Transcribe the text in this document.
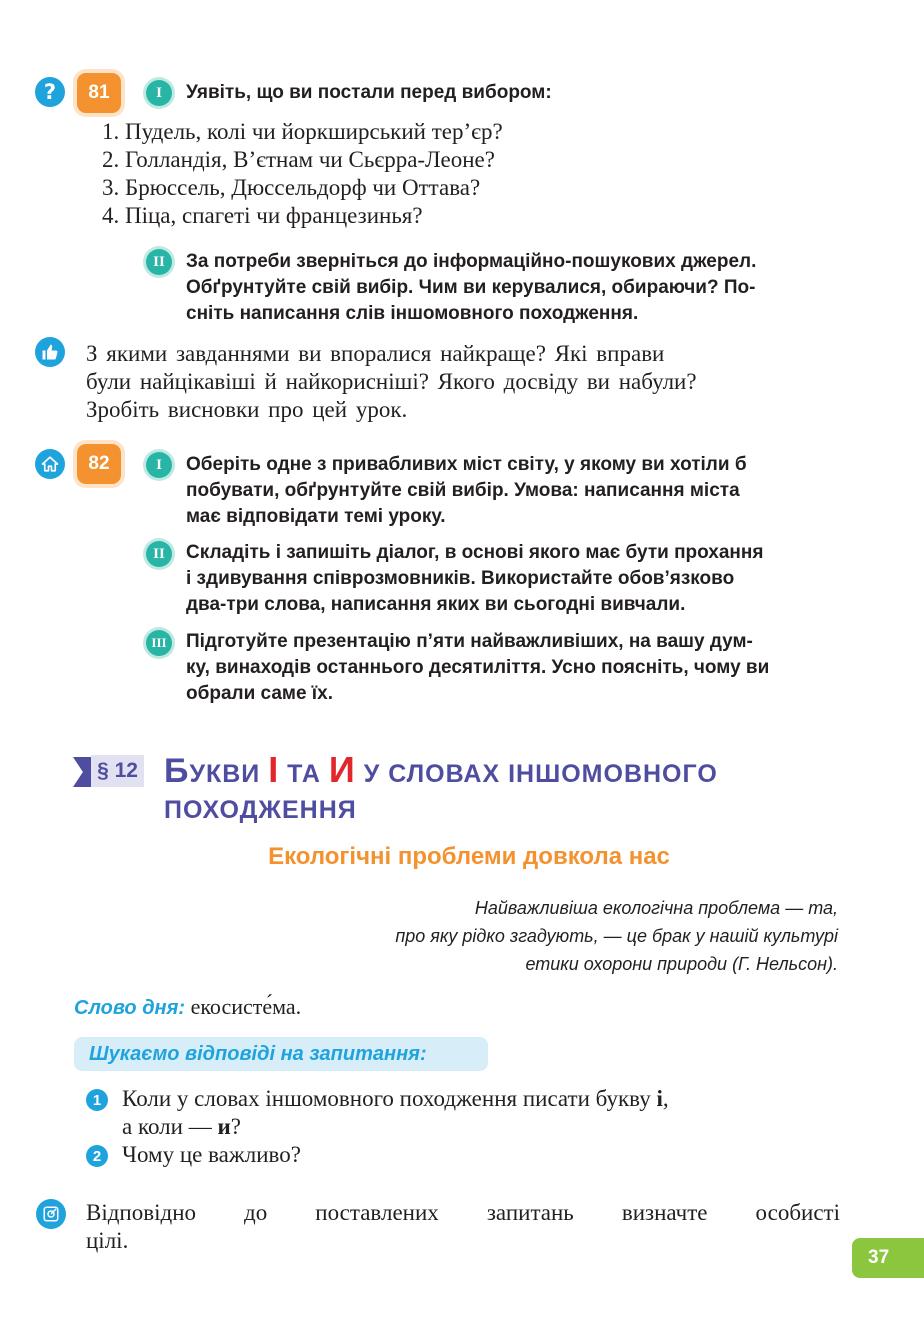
?	81	I	Уявіть, що ви постали перед вибором:
1. Пудель, колі чи йоркширський тер’єр?
2. Голландія, В’єтнам чи Сьєрра-Леоне?
3. Брюссель, Дюссельдорф чи Оттава?
4. Піца, спагеті чи францезинья?
II	За потреби зверніться до інформаційно-пошукових джерел.
Обґрунтуйте свій вибір. Чим ви керувалися, обираючи? По-
сніть написання слів іншомовного походження.
З якими завданнями ви впоралися найкраще? Які вправи
були найцікавіші й найкорисніші? Якого досвіду ви набули?
Зробіть висновки про цей урок.
82	I	Оберіть одне з привабливих міст світу, у якому ви хотіли б
побувати, обґрунтуйте свій вибір. Умова: написання міста
має відповідати темі уроку.
II	Складіть і запишіть діалог, в основі якого має бути прохання
і здивування співрозмовників. Використайте обов’язково
два-три слова, написання яких ви сьогодні вивчали.
III Підготуйте презентацію п’яти найважливіших, на вашу дум-
ку, винаходів останнього десятиліття. Усно поясніть, чому ви
обрали саме їх.
§ 12 БУКВИ І ТА И У СЛОВАХ ІНШОМОВНОГО
ПОХОДЖЕННЯ
Екологічні проблеми довкола нас
Найважливіша екологічна проблема — та,
про яку рідко згадують, — це брак у нашій культурі
етики охорони природи (Г. Нельсон).
Слово дня: екосисте́ма.
Шукаємо відповіді на запитання:
1 Коли у словах іншомовного походження писати букву і,
а коли — и?
2 Чому це важливо?
Відповідно до поставлених запитань визначте особисті
цілі.
37
